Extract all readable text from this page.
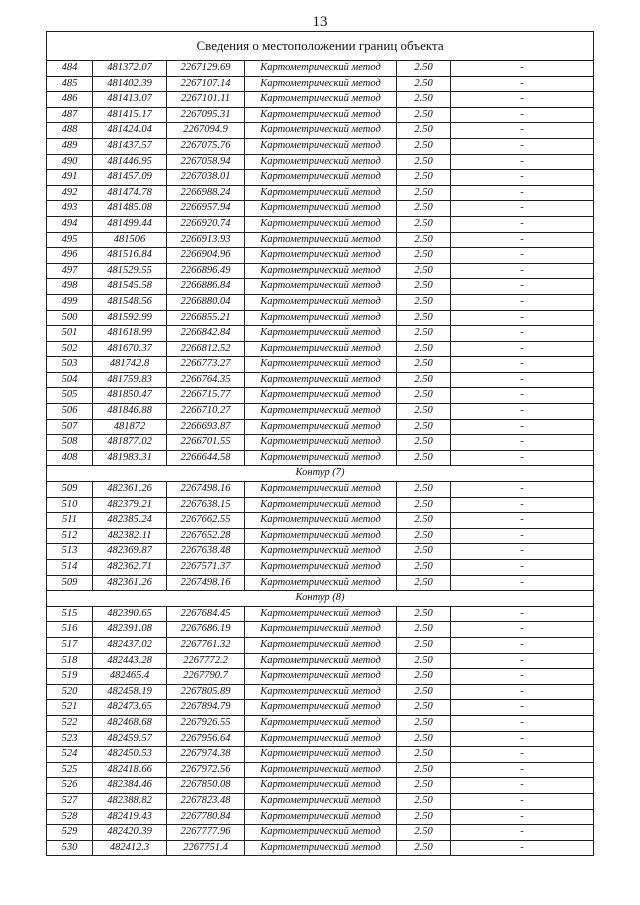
13
Сведения о местоположении границ объекта					
484	481372.07	2267129.69	Картометрический метод	2.50	-
485	481402.39	2267107.14	Картометрический метод	2.50	-
486	481413.07	2267101.11	Картометрический метод	2.50	-
487	481415.17	2267095.31	Картометрический метод	2.50	-
488	481424.04	2267094.9	Картометрический метод	2.50	-
489	481437.57	2267075.76	Картометрический метод	2.50	-
490	481446.95	2267058.94	Картометрический метод	2.50	-
491	481457.09	2267038.01	Картометрический метод	2.50	-
492	481474.78	2266988.24	Картометрический метод	2.50	-
493	481485.08	2266957.94	Картометрический метод	2.50	-
494	481499.44	2266920.74	Картометрический метод	2.50	-
495	481506	2266913.93	Картометрический метод	2.50	-
496	481516.84	2266904.96	Картометрический метод	2.50	-
497	481529.55	2266896.49	Картометрический метод	2.50	-
498	481545.58	2266886.84	Картометрический метод	2.50	-
499	481548.56	2266880.04	Картометрический метод	2.50	-
500	481592.99	2266855.21	Картометрический метод	2.50	-
501	481618.99	2266842.84	Картометрический метод	2.50	-
502	481670.37	2266812.52	Картометрический метод	2.50	-
503	481742.8	2266773.27	Картометрический метод	2.50	-
504	481759.83	2266764.35	Картометрический метод	2.50	-
505	481850.47	2266715.77	Картометрический метод	2.50	-
506	481846.88	2266710.27	Картометрический метод	2.50	-
507	481872	2266693.87	Картометрический метод	2.50	-
508	481877.02	2266701.55	Картометрический метод	2.50	-
408	481983.31	2266644.58	Картометрический метод	2.50	-
Контур (7)					
509	482361.26	2267498.16	Картометрический метод	2.50	-
510	482379.21	2267638.15	Картометрический метод	2.50	-
511	482385.24	2267662.55	Картометрический метод	2.50	-
512	482382.11	2267652.28	Картометрический метод	2.50	-
513	482369.87	2267638.48	Картометрический метод	2.50	-
514	482362.71	2267571.37	Картометрический метод	2.50	-
509	482361.26	2267498.16	Картометрический метод	2.50	-
Контур (8)					
515	482390.65	2267684.45	Картометрический метод	2.50	-
516	482391.08	2267686.19	Картометрический метод	2.50	-
517	482437.02	2267761.32	Картометрический метод	2.50	-
518	482443.28	2267772.2	Картометрический метод	2.50	-
519	482465.4	2267790.7	Картометрический метод	2.50	-
520	482458.19	2267805.89	Картометрический метод	2.50	-
521	482473.65	2267894.79	Картометрический метод	2.50	-
522	482468.68	2267926.55	Картометрический метод	2.50	-
523	482459.57	2267956.64	Картометрический метод	2.50	-
524	482450.53	2267974.38	Картометрический метод	2.50	-
525	482418.66	2267972.56	Картометрический метод	2.50	-
526	482384.46	2267850.08	Картометрический метод	2.50	-
527	482388.82	2267823.48	Картометрический метод	2.50	-
528	482419.43	2267780.84	Картометрический метод	2.50	-
529	482420.39	2267777.96	Картометрический метод	2.50	-
530	482412.3	2267751.4	Картометрический метод	2.50	-
